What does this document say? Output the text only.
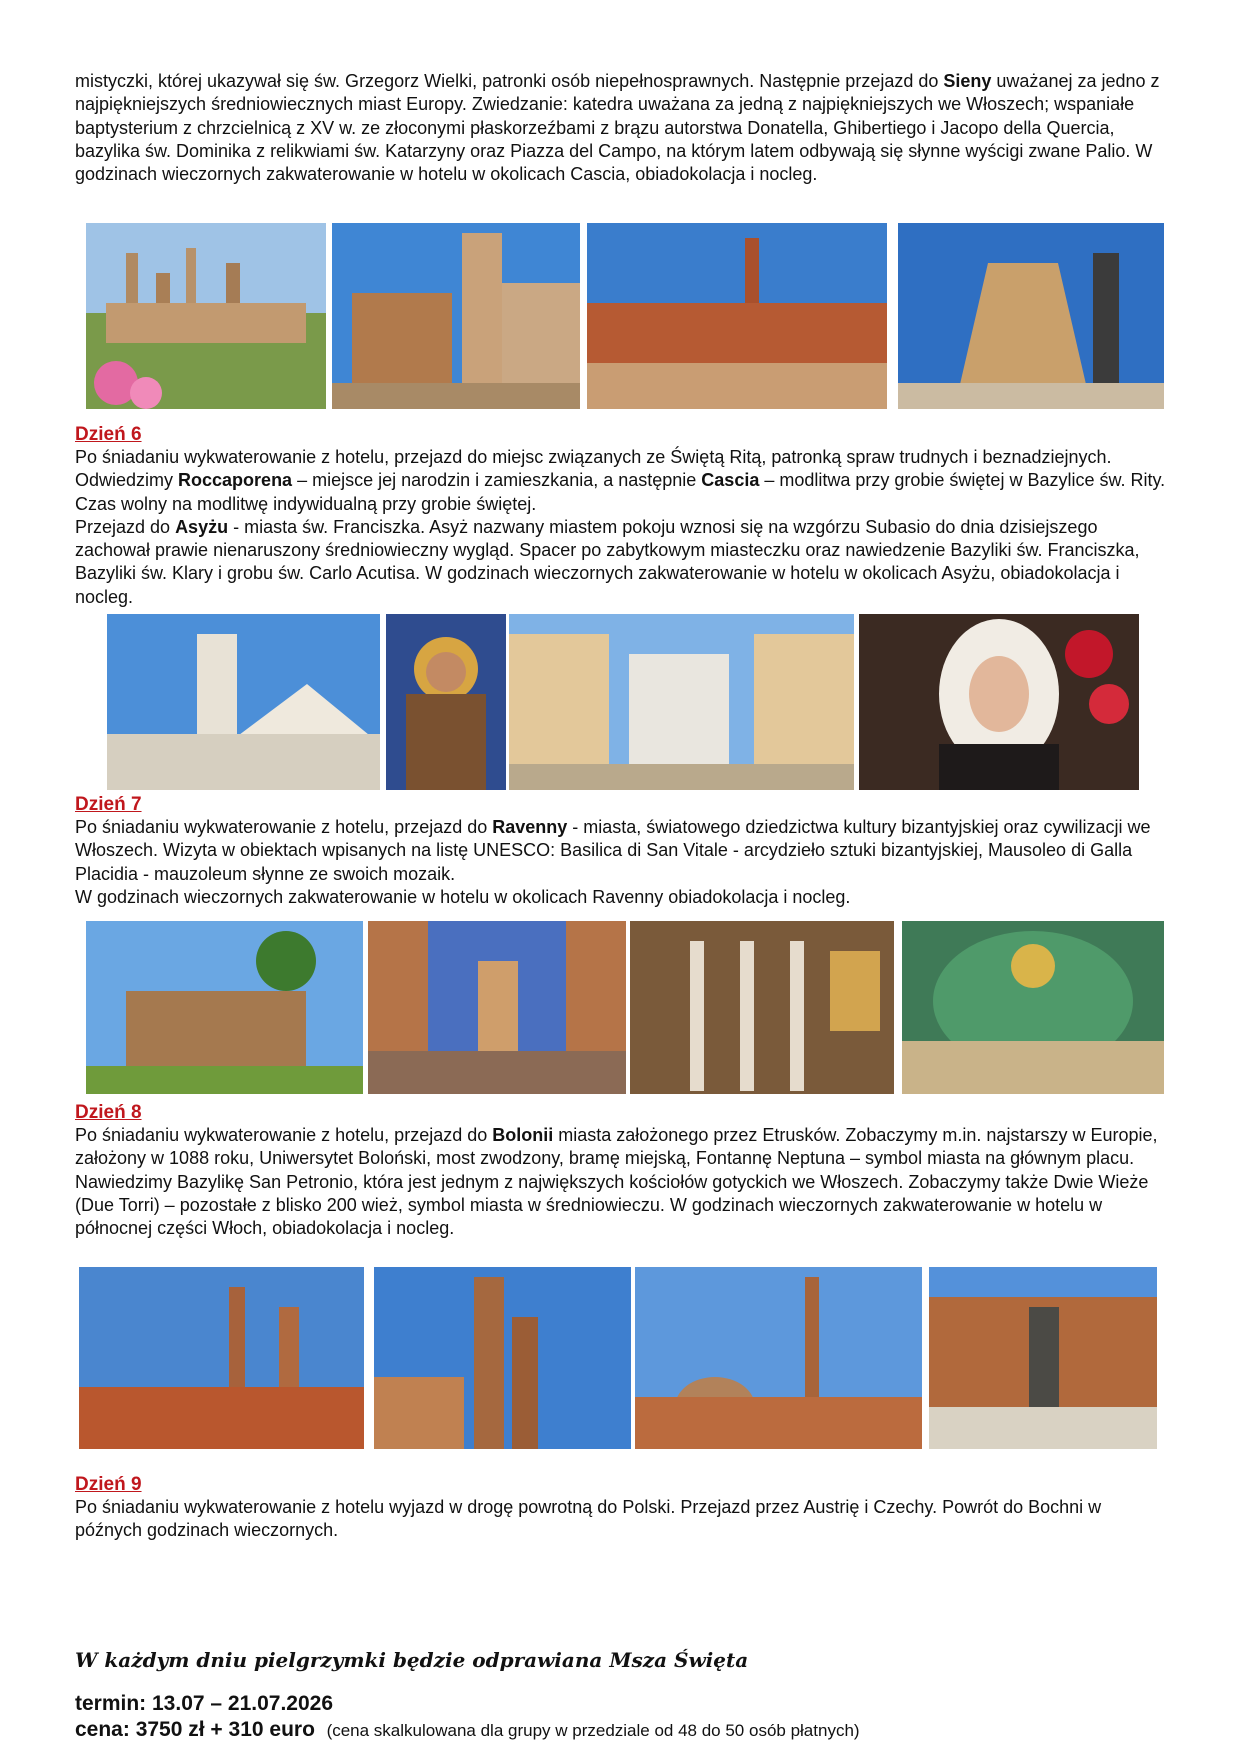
mistyczki, której ukazywał się św. Grzegorz Wielki, patronki osób niepełnosprawnych. Następnie przejazd do Sieny uważanej za jedno z najpiękniejszych średniowiecznych miast Europy. Zwiedzanie: katedra uważana za jedną z najpiękniejszych we Włoszech; wspaniałe baptysterium z chrzcielnicą z XV w. ze złoconymi płaskorzeźbami z brązu autorstwa Donatella, Ghibertiego i Jacopo della Quercia, bazylika św. Dominika z relikwiami św. Katarzyny oraz Piazza del Campo, na którym latem odbywają się słynne wyścigi zwane Palio. W godzinach wieczornych zakwaterowanie w hotelu w okolicach Cascia, obiadokolacja i nocleg.

Dzień 6

Po śniadaniu wykwaterowanie z hotelu, przejazd do miejsc związanych ze Świętą Ritą, patronką spraw trudnych i beznadziejnych. Odwiedzimy Roccaporena – miejsce jej narodzin i zamieszkania, a następnie Cascia – modlitwa przy grobie świętej w Bazylice św. Rity. Czas wolny na modlitwę indywidualną przy grobie świętej.
Przejazd do Asyżu - miasta św. Franciszka. Asyż nazwany miastem pokoju wznosi się na wzgórzu Subasio do dnia dzisiejszego zachował prawie nienaruszony średniowieczny wygląd. Spacer po zabytkowym miasteczku oraz nawiedzenie Bazyliki św. Franciszka, Bazyliki św. Klary i grobu św. Carlo Acutisa. W godzinach wieczornych zakwaterowanie w hotelu w okolicach Asyżu, obiadokolacja i nocleg.

Dzień 7

Po śniadaniu wykwaterowanie z hotelu, przejazd do Ravenny - miasta, światowego dziedzictwa kultury bizantyjskiej oraz cywilizacji we Włoszech. Wizyta w obiektach wpisanych na listę UNESCO: Basilica di San Vitale - arcydzieło sztuki bizantyjskiej, Mausoleo di Galla Placidia - mauzoleum słynne ze swoich mozaik.
W godzinach wieczornych zakwaterowanie w hotelu w okolicach Ravenny obiadokolacja i nocleg.

Dzień 8

Po śniadaniu wykwaterowanie z hotelu, przejazd do Bolonii miasta założonego przez Etrusków. Zobaczymy m.in. najstarszy w Europie, założony w 1088 roku, Uniwersytet Boloński, most zwodzony, bramę miejską, Fontannę Neptuna – symbol miasta na głównym placu. Nawiedzimy Bazylikę San Petronio, która jest jednym z największych kościołów gotyckich we Włoszech. Zobaczymy także Dwie Wieże (Due Torri) – pozostałe z blisko 200 wież, symbol miasta w średniowieczu. W godzinach wieczornych zakwaterowanie w hotelu w północnej części Włoch, obiadokolacja i nocleg.

Dzień 9

Po śniadaniu wykwaterowanie z hotelu wyjazd w drogę powrotną do Polski. Przejazd przez Austrię i Czechy. Powrót do Bochni w późnych godzinach wieczornych.

W każdym dniu pielgrzymki będzie odprawiana Msza Święta
termin: 13.07 – 21.07.2026
cena: 3750 zł + 310 euro (cena skalkulowana dla grupy w przedziale od 48 do 50 osób płatnych)
